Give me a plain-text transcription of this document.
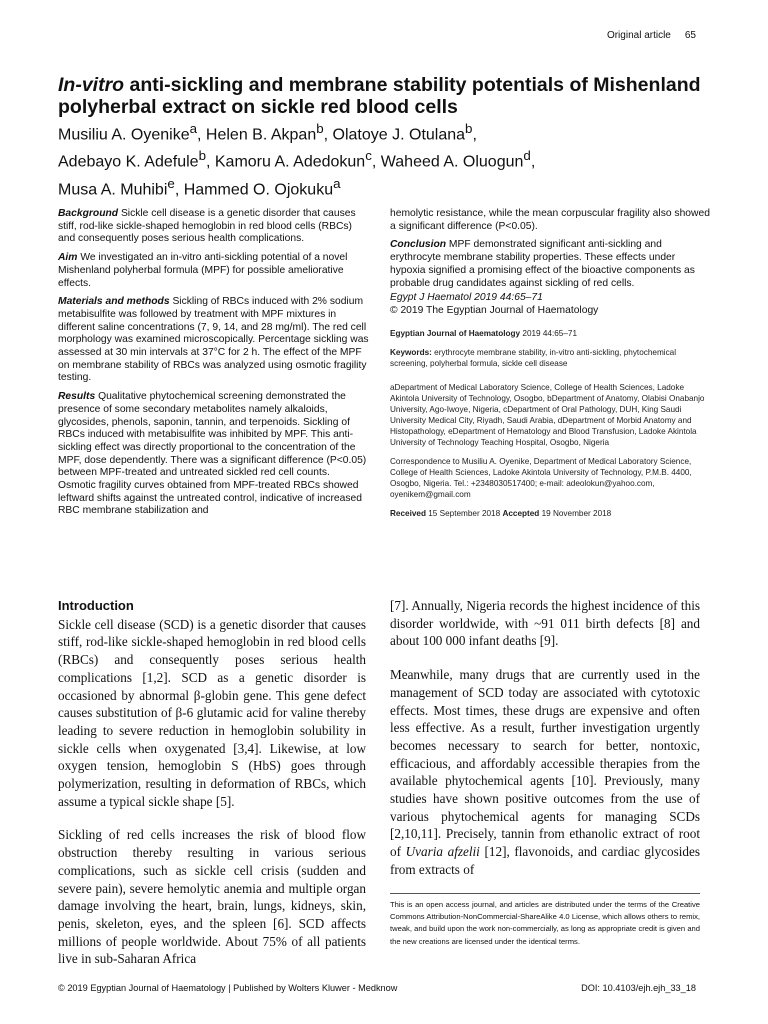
Original article 65
In-vitro anti-sickling and membrane stability potentials of Mishenland polyherbal extract on sickle red blood cells

Musiliu A. Oyenike$^a$, Helen B. Akpan$^b$, Olatoye J. Otulana$^b$,
Adebayo K. Adefule$^b$, Kamoru A. Adedokun$^c$, Waheed A. Oluogun$^d$,
Musa A. Muhibi$^e$, Hammed O. Ojokuku$^a$

Background Sickle cell disease is a genetic disorder that causes stiff, rod-like sickle-shaped hemoglobin in red blood cells (RBCs) and consequently poses serious health complications.

Aim We investigated an in-vitro anti-sickling potential of a novel Mishenland polyherbal formula (MPF) for possible ameliorative effects.

Materials and methods Sickling of RBCs induced with 2% sodium metabisulfite was followed by treatment with MPF mixtures in different saline concentrations (7, 9, 14, and 28 mg/ml). The red cell morphology was examined microscopically. Percentage sickling was assessed at 30 min intervals at 37°C for 2 h. The effect of the MPF on membrane stability of RBCs was analyzed using osmotic fragility testing.

Results Qualitative phytochemical screening demonstrated the presence of some secondary metabolites namely alkaloids, glycosides, phenols, saponin, tannin, and terpenoids. Sickling of RBCs induced with metabisulfite was inhibited by MPF. This anti-sickling effect was directly proportional to the concentration of the MPF, dose dependently. There was a significant difference (P<0.05) between MPF-treated and untreated sickled red cell counts. Osmotic fragility curves obtained from MPF-treated RBCs showed leftward shifts against the untreated control, indicative of increased RBC membrane stabilization and

hemolytic resistance, while the mean corpuscular fragility also showed a significant difference (P<0.05).

Conclusion MPF demonstrated significant anti-sickling and erythrocyte membrane stability properties. These effects under hypoxia signified a promising effect of the bioactive components as probable drug candidates against sickling of red cells.

Egypt J Haematol 2019 44:65–71

© 2019 The Egyptian Journal of Haematology

Egyptian Journal of Haematology 2019 44:65–71

Keywords: erythrocyte membrane stability, in-vitro anti-sickling, phytochemical screening, polyherbal formula, sickle cell disease

aDepartment of Medical Laboratory Science, College of Health Sciences, Ladoke Akintola University of Technology, Osogbo, bDepartment of Anatomy, Olabisi Onabanjo University, Ago-Iwoye, Nigeria, cDepartment of Oral Pathology, DUH, King Saudi University Medical City, Riyadh, Saudi Arabia, dDepartment of Morbid Anatomy and Histopathology, eDepartment of Hematology and Blood Transfusion, Ladoke Akintola University of Technology Teaching Hospital, Osogbo, Nigeria

Correspondence to Musiliu A. Oyenike, Department of Medical Laboratory Science, College of Health Sciences, Ladoke Akintola University of Technology, P.M.B. 4400, Osogbo, Nigeria. Tel.: +2348030517400; e-mail: adeolokun@yahoo.com, oyenikem@gmail.com

Received 15 September 2018 Accepted 19 November 2018

Introduction

Sickle cell disease (SCD) is a genetic disorder that causes stiff, rod-like sickle-shaped hemoglobin in red blood cells (RBCs) and consequently poses serious health complications [1,2]. SCD as a genetic disorder is occasioned by abnormal β-globin gene. This gene defect causes substitution of β-6 glutamic acid for valine thereby leading to severe reduction in hemoglobin solubility in sickle cells when oxygenated [3,4]. Likewise, at low oxygen tension, hemoglobin S (HbS) goes through polymerization, resulting in deformation of RBCs, which assume a typical sickle shape [5].

Sickling of red cells increases the risk of blood flow obstruction thereby resulting in various serious complications, such as sickle cell crisis (sudden and severe pain), severe hemolytic anemia and multiple organ damage involving the heart, brain, lungs, kidneys, skin, penis, skeleton, eyes, and the spleen [6]. SCD affects millions of people worldwide. About 75% of all patients live in sub-Saharan Africa

[7]. Annually, Nigeria records the highest incidence of this disorder worldwide, with ~91 011 birth defects [8] and about 100 000 infant deaths [9].

Meanwhile, many drugs that are currently used in the management of SCD today are associated with cytotoxic effects. Most times, these drugs are expensive and often less effective. As a result, further investigation urgently becomes necessary to search for better, nontoxic, efficacious, and affordably accessible therapies from the available phytochemical agents [10]. Previously, many studies have shown positive outcomes from the use of various phytochemical agents for managing SCDs [2,10,11]. Precisely, tannin from ethanolic extract of root of Uvaria afzelii [12], flavonoids, and cardiac glycosides from extracts of

This is an open access journal, and articles are distributed under the terms of the Creative Commons Attribution-NonCommercial-ShareAlike 4.0 License, which allows others to remix, tweak, and build upon the work non-commercially, as long as appropriate credit is given and the new creations are licensed under the identical terms.
© 2019 Egyptian Journal of Haematology | Published by Wolters Kluwer - Medknow	DOI: 10.4103/ejh.ejh_33_18
